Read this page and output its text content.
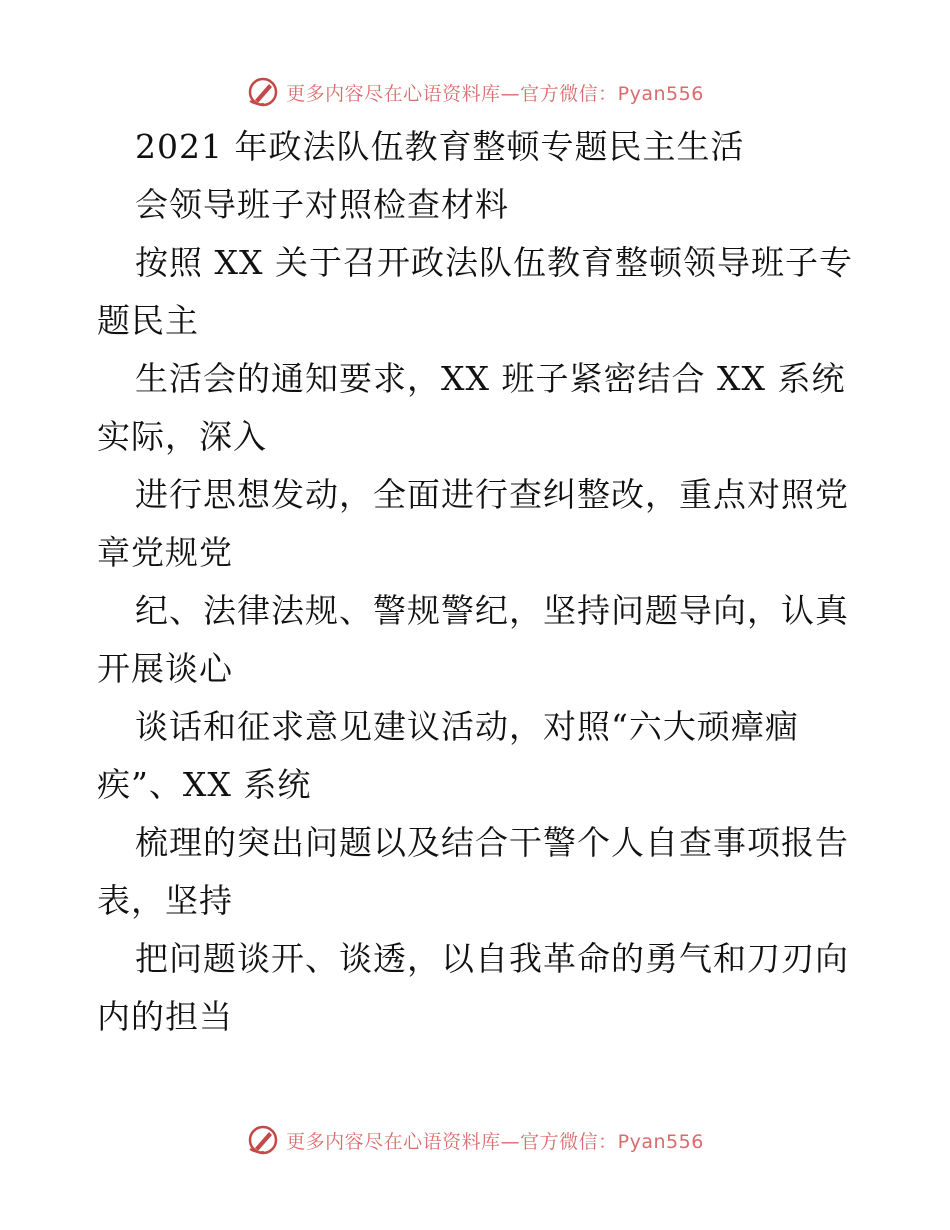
更多内容尽在心语资料库—官方微信：Pyan556
2021 年政法队伍教育整顿专题民主生活
会领导班子对照检查材料
按照 XX 关于召开政法队伍教育整顿领导班子专
题民主
生活会的通知要求，XX 班子紧密结合 XX 系统
实际，深入
进行思想发动，全面进行查纠整改，重点对照党
章党规党
纪、法律法规、警规警纪，坚持问题导向，认真
开展谈心
谈话和征求意见建议活动，对照“六大顽瘴痼
疾”、XX 系统
梳理的突出问题以及结合干警个人自查事项报告
表，坚持
把问题谈开、谈透，以自我革命的勇气和刀刃向
内的担当
更多内容尽在心语资料库—官方微信：Pyan556
